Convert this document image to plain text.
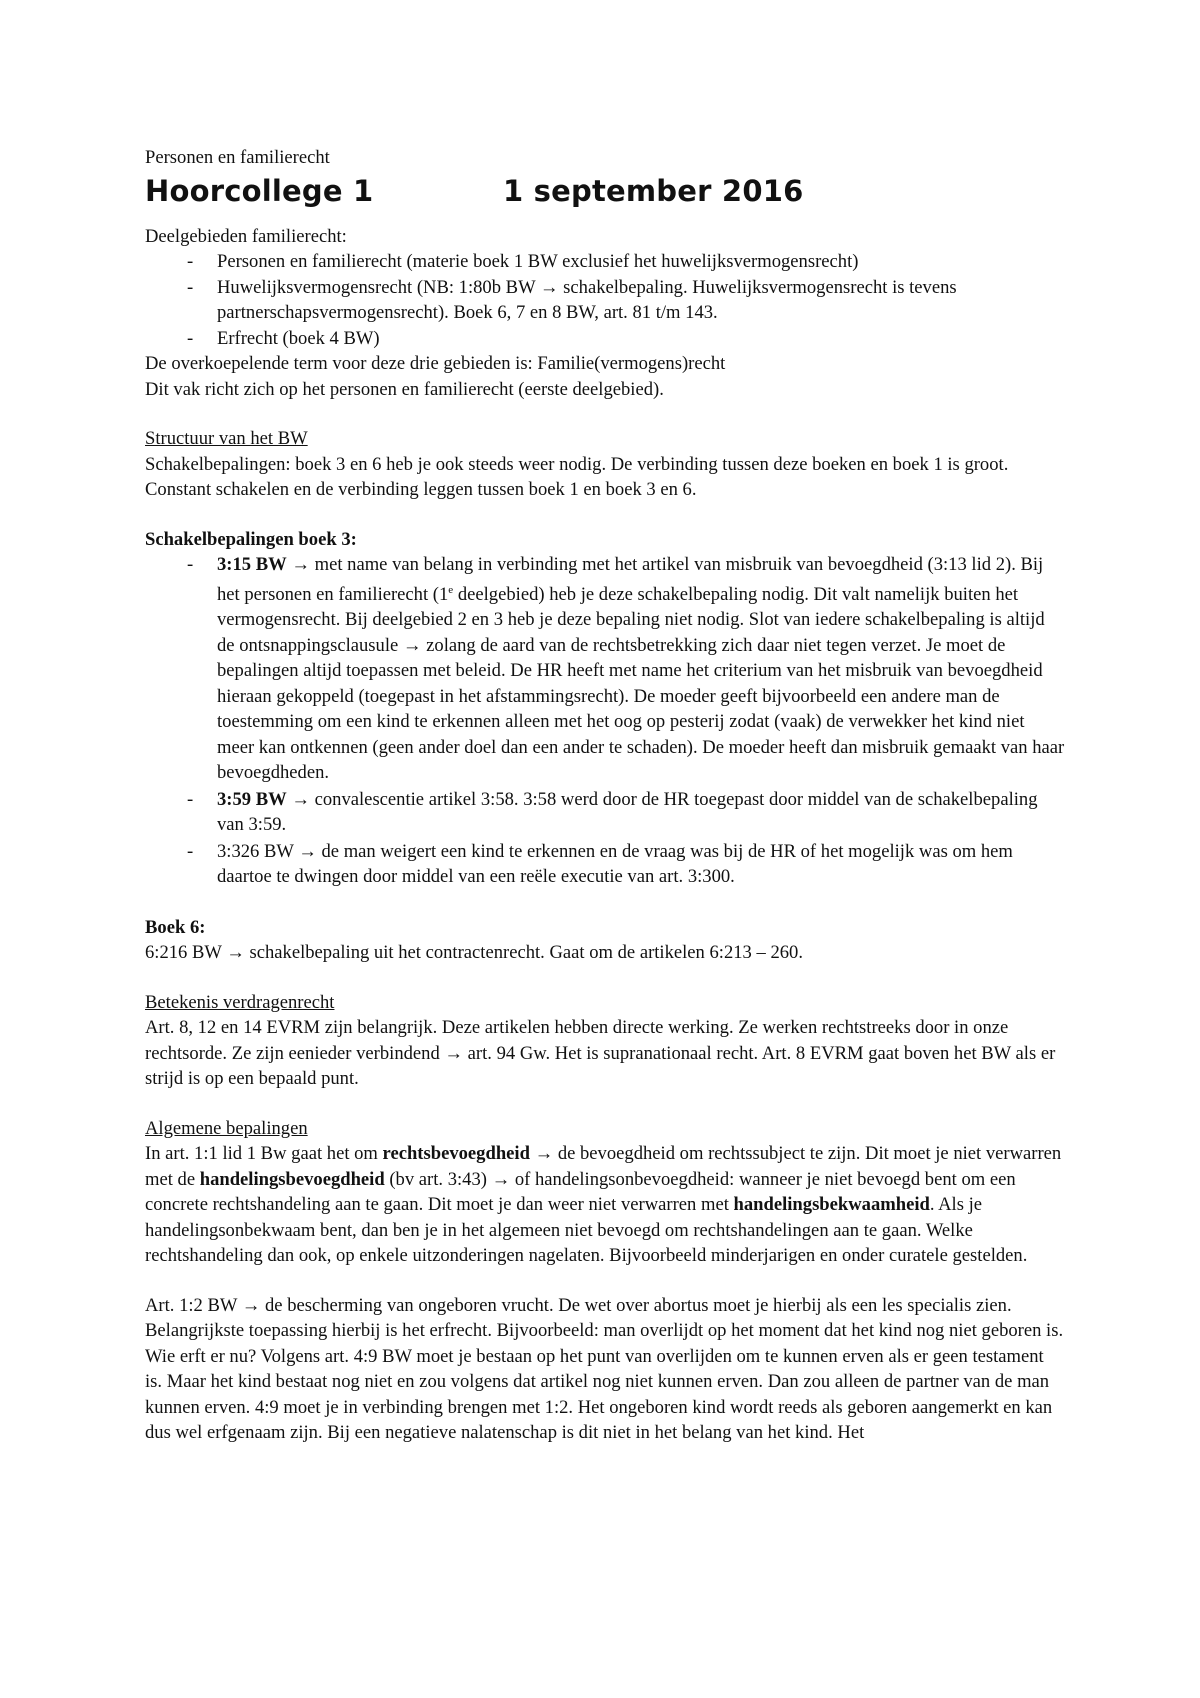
Personen en familierecht

Hoorcollege 1	1 september 2016

Deelgebieden familierecht:

- Personen en familierecht (materie boek 1 BW exclusief het huwelijksvermogensrecht)
- Huwelijksvermogensrecht (NB: 1:80b BW → schakelbepaling. Huwelijksvermogensrecht is tevens partnerschapsvermogensrecht). Boek 6, 7 en 8 BW, art. 81 t/m 143.
- Erfrecht (boek 4 BW)

De overkoepelende term voor deze drie gebieden is: Familie(vermogens)recht

Dit vak richt zich op het personen en familierecht (eerste deelgebied).

Structuur van het BW

Schakelbepalingen: boek 3 en 6 heb je ook steeds weer nodig. De verbinding tussen deze boeken en boek 1 is groot. Constant schakelen en de verbinding leggen tussen boek 1 en boek 3 en 6.

Schakelbepalingen boek 3:

- 3:15 BW → met name van belang in verbinding met het artikel van misbruik van bevoegdheid (3:13 lid 2). Bij het personen en familierecht (1e deelgebied) heb je deze schakelbepaling nodig. Dit valt namelijk buiten het vermogensrecht. Bij deelgebied 2 en 3 heb je deze bepaling niet nodig. Slot van iedere schakelbepaling is altijd de ontsnappingsclausule → zolang de aard van de rechtsbetrekking zich daar niet tegen verzet. Je moet de bepalingen altijd toepassen met beleid. De HR heeft met name het criterium van het misbruik van bevoegdheid hieraan gekoppeld (toegepast in het afstammingsrecht). De moeder geeft bijvoorbeeld een andere man de toestemming om een kind te erkennen alleen met het oog op pesterij zodat (vaak) de verwekker het kind niet meer kan ontkennen (geen ander doel dan een ander te schaden). De moeder heeft dan misbruik gemaakt van haar bevoegdheden.
- 3:59 BW → convalescentie artikel 3:58. 3:58 werd door de HR toegepast door middel van de schakelbepaling van 3:59.
- 3:326 BW → de man weigert een kind te erkennen en de vraag was bij de HR of het mogelijk was om hem daartoe te dwingen door middel van een reële executie van art. 3:300.

Boek 6:

6:216 BW → schakelbepaling uit het contractenrecht. Gaat om de artikelen 6:213 – 260.

Betekenis verdragenrecht

Art. 8, 12 en 14 EVRM zijn belangrijk. Deze artikelen hebben directe werking. Ze werken rechtstreeks door in onze rechtsorde. Ze zijn eenieder verbindend → art. 94 Gw. Het is supranationaal recht. Art. 8 EVRM gaat boven het BW als er strijd is op een bepaald punt.

Algemene bepalingen

In art. 1:1 lid 1 Bw gaat het om rechtsbevoegdheid → de bevoegdheid om rechtssubject te zijn. Dit moet je niet verwarren met de handelingsbevoegdheid (bv art. 3:43) → of handelingsonbevoegdheid: wanneer je niet bevoegd bent om een concrete rechtshandeling aan te gaan. Dit moet je dan weer niet verwarren met handelingsbekwaamheid. Als je handelingsonbekwaam bent, dan ben je in het algemeen niet bevoegd om rechtshandelingen aan te gaan. Welke rechtshandeling dan ook, op enkele uitzonderingen nagelaten. Bijvoorbeeld minderjarigen en onder curatele gestelden.

Art. 1:2 BW → de bescherming van ongeboren vrucht. De wet over abortus moet je hierbij als een les specialis zien. Belangrijkste toepassing hierbij is het erfrecht. Bijvoorbeeld: man overlijdt op het moment dat het kind nog niet geboren is. Wie erft er nu? Volgens art. 4:9 BW moet je bestaan op het punt van overlijden om te kunnen erven als er geen testament is. Maar het kind bestaat nog niet en zou volgens dat artikel nog niet kunnen erven. Dan zou alleen de partner van de man kunnen erven. 4:9 moet je in verbinding brengen met 1:2. Het ongeboren kind wordt reeds als geboren aangemerkt en kan dus wel erfgenaam zijn. Bij een negatieve nalatenschap is dit niet in het belang van het kind. Het
